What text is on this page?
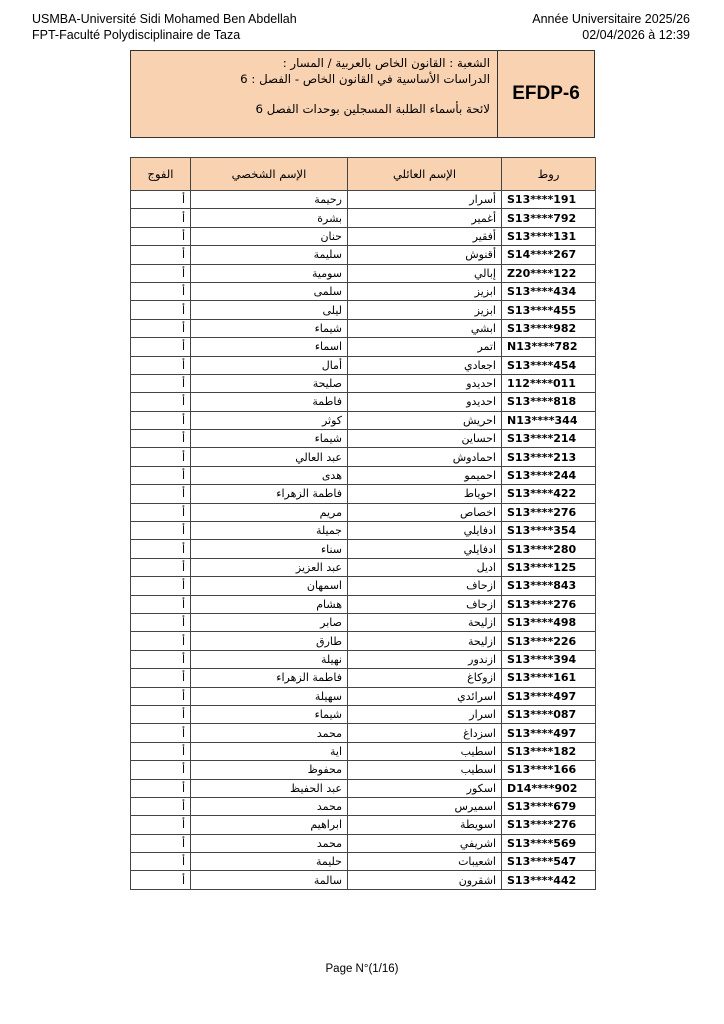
USMBA-Université Sidi Mohamed Ben Abdellah
FPT-Faculté Polydisciplinaire de Taza
Année Universitaire 2025/26
02/04/2026 à 12:39
الشعبة : القانون الخاص بالعربية / المسار :
الدراسات الأساسية في القانون الخاص - الفصل : 6
لائحة بأسماء الطلبة المسجلين بوحدات الفصل 6
EFDP-6
روط	الإسم العائلي	الإسم الشخصي	الفوج
S13****191	أسرار	رحيمة	أ
S13****792	أغمير	بشرة	أ
S13****131	أفقير	حنان	أ
S14****267	أقنوش	سليمة	أ
Z20****122	إبالي	سومية	أ
S13****434	ابزيز	سلمى	أ
S13****455	ابزيز	ليلى	أ
S13****982	ابشي	شيماء	أ
N13****782	اتمر	اسماء	أ
S13****454	اجعادي	أمال	أ
112****011	احديدو	صليحة	أ
S13****818	احديدو	فاطمة	أ
N13****344	احريش	كوثر	أ
S13****214	احساين	شيماء	أ
S13****213	احمادوش	عبد العالي	أ
S13****244	احميمو	هدى	أ
S13****422	احوياط	فاطمة الزهراء	أ
S13****276	اخصاص	مريم	أ
S13****354	ادفايلي	جميلة	أ
S13****280	ادفايلي	سناء	أ
S13****125	اديل	عبد العزيز	أ
S13****843	ازحاف	اسمهان	أ
S13****276	ازحاف	هشام	أ
S13****498	ازليحة	صابر	أ
S13****226	ازليحة	طارق	أ
S13****394	ازندور	نهيلة	أ
S13****161	ازوكاغ	فاطمة الزهراء	أ
S13****497	اسرائدي	سهيلة	أ
S13****087	اسرار	شيماء	أ
S13****497	اسزداغ	محمد	أ
S13****182	اسطيب	اية	أ
S13****166	اسطيب	محفوظ	أ
D14****902	اسكور	عبد الحفيظ	أ
S13****679	اسميرس	محمد	أ
S13****276	اسويطة	ابراهيم	أ
S13****569	اشريفي	محمد	أ
S13****547	اشعيبات	حليمة	أ
S13****442	اشقرون	سالمة	أ
Page N°(1/16)
